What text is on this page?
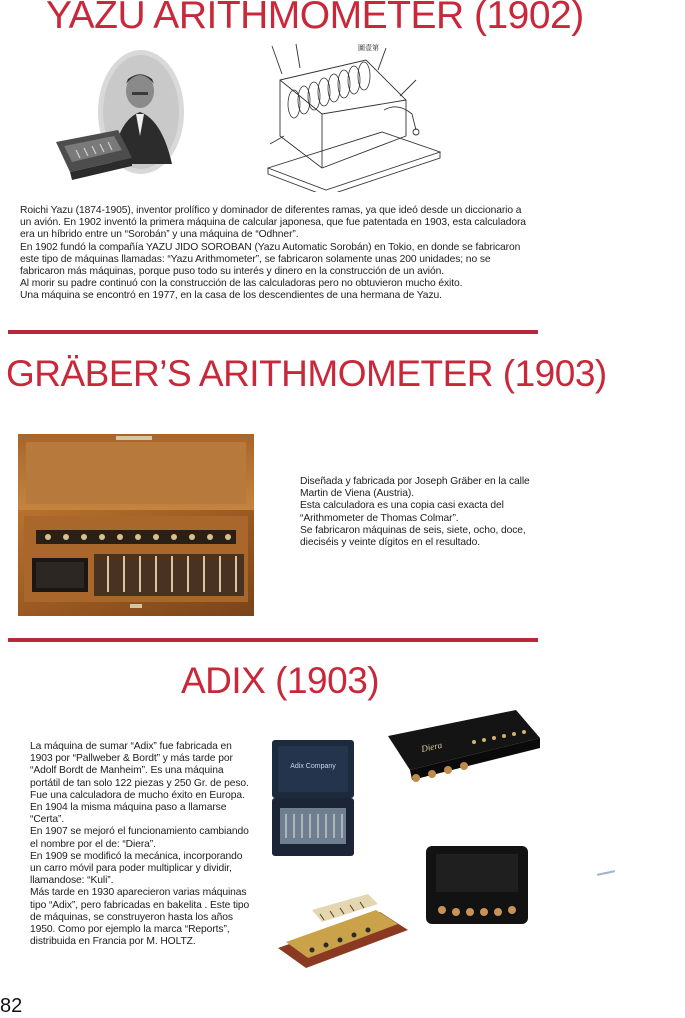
YAZU ARITHMOMETER (1902)
圖壹第

Roichi Yazu (1874-1905), inventor prolífico y dominador de diferentes ramas, ya que ideó desde un diccionario a un avión. En 1902 inventó la primera máquina de calcular japonesa, que fue patentada en 1903, esta calculadora era un híbrido entre un “Sorobán” y una máquina de “Odhner”.

En 1902 fundó la compañía YAZU JIDO SOROBAN (Yazu Automatic Sorobán) en Tokio, en donde se fabricaron este tipo de máquinas llamadas: “Yazu Arithmometer”, se fabricaron solamente unas 200 unidades; no se fabricaron más máquinas, porque puso todo su interés y dinero en la construcción de un avión.

Al morir su padre continuó con la construcción de las calculadoras pero no obtuvieron mucho éxito.

Una máquina se encontró en 1977, en la casa de los descendientes de una hermana de Yazu.

GRÄBER’S ARITHMOMETER (1903)

Diseñada y fabricada por Joseph Gräber en la calle Martin de Viena (Austria).

Esta calculadora es una copia casi exacta del “Arithmometer de Thomas Colmar”.

Se fabricaron máquinas de seis, siete, ocho, doce, dieciséis y veinte dígitos en el resultado.

ADIX (1903)

La máquina de sumar “Adix” fue fabricada en 1903 por “Pallweber & Bordt” y más tarde por “Adolf Bordt de Manheim”. Es una máquina portátil de tan solo 122 piezas y 250 Gr. de peso. Fue una calculadora de mucho éxito en Europa.

En 1904 la misma máquina paso a llamarse “Certa”.

En 1907 se mejoró el funcionamiento cambiando el nombre por el de: “Diera”.

En 1909 se modificó la mecánica, incorporando un carro móvil para poder multiplicar y dividir, llamandose: “Kuli”.

Más tarde en 1930 aparecieron varias máquinas tipo “Adix”, pero fabricadas en bakelita . Este tipo de máquinas, se construyeron hasta los años 1950. Como por ejemplo la marca “Reports”, distribuida en Francia por M. HOLTZ.

Adix Company
Diera
82
